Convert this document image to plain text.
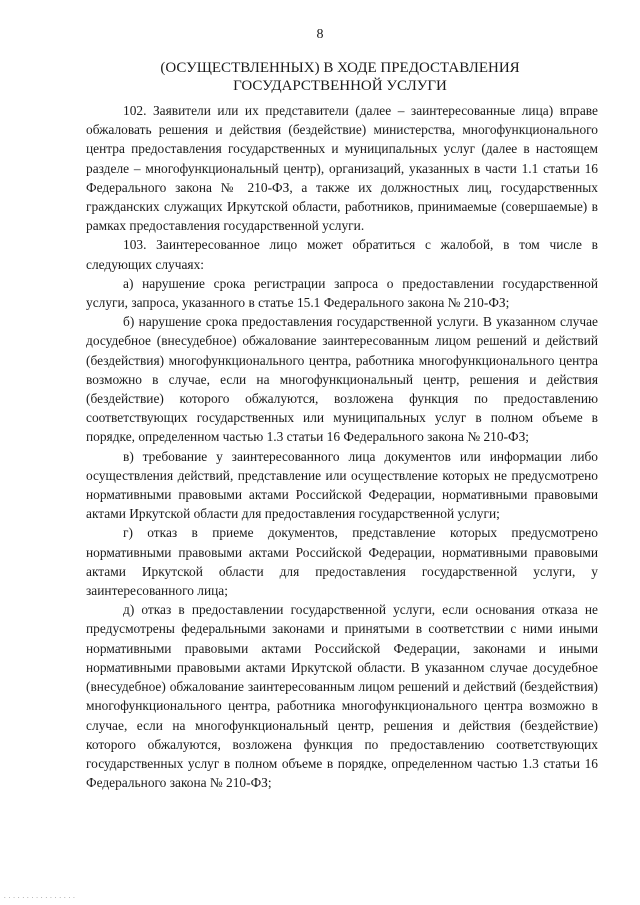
8
(ОСУЩЕСТВЛЕННЫХ) В ХОДЕ ПРЕДОСТАВЛЕНИЯ
ГОСУДАРСТВЕННОЙ УСЛУГИ

102. Заявители или их представители (далее – заинтересованные лица) вправе обжаловать решения и действия (бездействие) министерства, многофункционального центра предоставления государственных и муниципальных услуг (далее в настоящем разделе – многофункциональный центр), организаций, указанных в части 1.1 статьи 16 Федерального закона № 210-ФЗ, а также их должностных лиц, государственных гражданских служащих Иркутской области, работников, принимаемые (совершаемые) в рамках предоставления государственной услуги.

103. Заинтересованное лицо может обратиться с жалобой, в том числе в следующих случаях:

а) нарушение срока регистрации запроса о предоставлении государственной услуги, запроса, указанного в статье 15.1 Федерального закона № 210-ФЗ;

б) нарушение срока предоставления государственной услуги. В указанном случае досудебное (внесудебное) обжалование заинтересованным лицом решений и действий (бездействия) многофункционального центра, работника многофункционального центра возможно в случае, если на многофункциональный центр, решения и действия (бездействие) которого обжалуются, возложена функция по предоставлению соответствующих государственных или муниципальных услуг в полном объеме в порядке, определенном частью 1.3 статьи 16 Федерального закона № 210-ФЗ;

в) требование у заинтересованного лица документов или информации либо осуществления действий, представление или осуществление которых не предусмотрено нормативными правовыми актами Российской Федерации, нормативными правовыми актами Иркутской области для предоставления государственной услуги;

г) отказ в приеме документов, представление которых предусмотрено нормативными правовыми актами Российской Федерации, нормативными правовыми актами Иркутской области для предоставления государственной услуги, у заинтересованного лица;

д) отказ в предоставлении государственной услуги, если основания отказа не предусмотрены федеральными законами и принятыми в соответствии с ними иными нормативными правовыми актами Российской Федерации, законами и иными нормативными правовыми актами Иркутской области. В указанном случае досудебное (внесудебное) обжалование заинтересованным лицом решений и действий (бездействия) многофункционального центра, работника многофункционального центра возможно в случае, если на многофункциональный центр, решения и действия (бездействие) которого обжалуются, возложена функция по предоставлению соответствующих государственных услуг в полном объеме в порядке, определенном частью 1.3 статьи 16 Федерального закона № 210-ФЗ;

................
